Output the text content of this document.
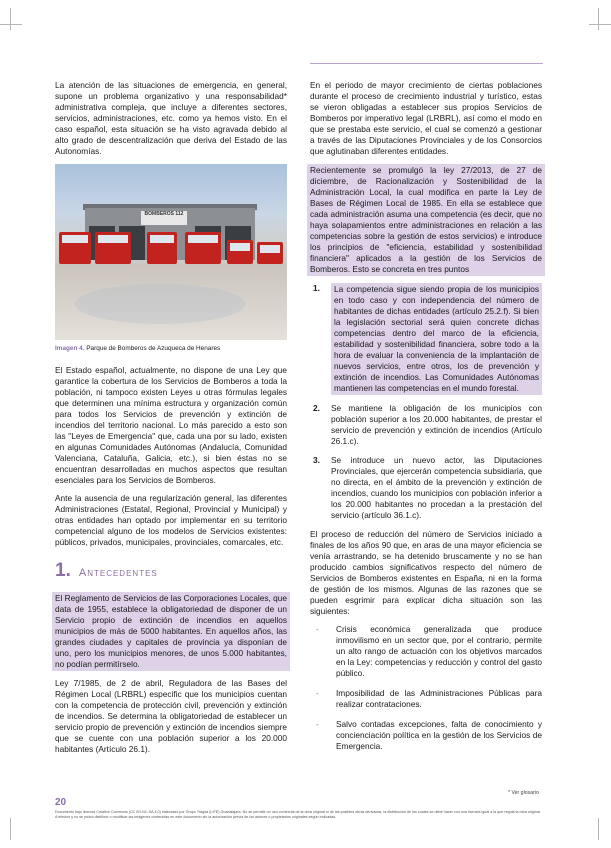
La atención de las situaciones de emergencia, en general, supone un problema organizativo y una responsabilidad* administrativa compleja, que incluye a diferentes sectores, servicios, administraciones, etc. como ya hemos visto. En el caso español, esta situación se ha visto agravada debido al alto grado de descentralización que deriva del Estado de las Autonomías.

BOMBEROS 112
Imagen 4. Parque de Bomberos de Azuqueca de Henares

El Estado español, actualmente, no dispone de una Ley que garantice la cobertura de los Servicios de Bomberos a toda la población, ni tampoco existen Leyes u otras fórmulas legales que determinen una mínima estructura y organización común para todos los Servicios de prevención y extinción de incendios del territorio nacional. Lo más parecido a esto son las "Leyes de Emergencia" que, cada una por su lado, existen en algunas Comunidades Autónomas (Andalucía, Comunidad Valenciana, Cataluña, Galicia, etc.), si bien éstas no se encuentran desarrolladas en muchos aspectos que resultan esenciales para los Servicios de Bomberos.

Ante la ausencia de una regularización general, las diferentes Administraciones (Estatal, Regional, Provincial y Municipal) y otras entidades han optado por implementar en su territorio competencial alguno de los modelos de Servicios existentes: públicos, privados, municipales, provinciales, comarcales, etc.

1. Antecedentes

El Reglamento de Servicios de las Corporaciones Locales, que data de 1955, establece la obligatoriedad de disponer de un Servicio propio de extinción de incendios en aquellos municipios de más de 5000 habitantes. En aquellos años, las grandes ciudades y capitales de provincia ya disponían de uno, pero los municipios menores, de unos 5.000 habitantes, no podían permitírselo.

Ley 7/1985, de 2 de abril, Reguladora de las Bases del Régimen Local (LRBRL) especific que los municipios cuentan con la competencia de protección civil, prevención y extinción de incendios. Se determina la obligatoriedad de establecer un servicio propio de prevención y extinción de incendios siempre que se cuente con una población superior a los 20.000 habitantes (Artículo 26.1).

En el periodo de mayor crecimiento de ciertas poblaciones durante el proceso de crecimiento industrial y turístico, estas se vieron obligadas a establecer sus propios Servicios de Bomberos por imperativo legal (LRBRL), así como el modo en que se prestaba este servicio, el cual se comenzó a gestionar a través de las Diputaciones Provinciales y de los Consorcios que aglutinaban diferentes entidades.

Recientemente se promulgó la ley 27/2013, de 27 de diciembre, de Racionalización y Sostenibilidad de la Administración Local, la cual modifica en parte la Ley de Bases de Régimen Local de 1985. En ella se establece que cada administración asuma una competencia (es decir, que no haya solapamientos entre administraciones en relación a las competencias sobre la gestión de estos servicios) e introduce los principios de "eficiencia, estabilidad y sostenibilidad financiera" aplicados a la gestión de los Servicios de Bomberos. Esto se concreta en tres puntos

1.	La competencia sigue siendo propia de los municipios en todo caso y con independencia del número de habitantes de dichas entidades (artículo 25.2.f). Si bien la legislación sectorial será quien concrete dichas competencias dentro del marco de la eficiencia, estabilidad y sostenibilidad financiera, sobre todo a la hora de evaluar la conveniencia de la implantación de nuevos servicios, entre otros, los de prevención y extinción de incendios. Las Comunidades Autónomas mantienen las competencias en el mundo forestal.

2.	Se mantiene la obligación de los municipios con población superior a los 20.000 habitantes, de prestar el servicio de prevención y extinción de incendios (Artículo 26.1.c).

3.	Se introduce un nuevo actor, las Diputaciones Provinciales, que ejercerán competencia subsidiaria, que no directa, en el ámbito de la prevención y extinción de incendios, cuando los municipios con población inferior a los 20.000 habitantes no procedan a la prestación del servicio (artículo 36.1.c).

El proceso de reducción del número de Servicios iniciado a finales de los años 90 que, en aras de una mayor eficiencia se venía arrastrando, se ha detenido bruscamente y no se han producido cambios significativos respecto del número de Servicios de Bomberos existentes en España, ni en la forma de gestión de los mismos. Algunas de las razones que se pueden esgrimir para explicar dicha situación son las siguientes:

-	Crisis económica generalizada que produce inmovilismo en un sector que, por el contrario, permite un alto rango de actuación con los objetivos marcados en la Ley: competencias y reducción y control del gasto público.

-	Imposibilidad de las Administraciones Públicas para realizar contrataciones.

-	Salvo contadas excepciones, falta de conocimiento y concienciación política en la gestión de los Servicios de Emergencia.

* Ver glosario
20
Documento bajo licencia Creative Commons (CC BY-NC-SA 4.0) elaborado por Grupo Tragsa (LIFE) Guadalajara. No se permite un uso comercial de la obra original ni de las posibles obras derivadas, la distribución de las cuales se debe hacer con una licencia igual a la que regula la obra original. A efectos y no se podrá distribuir o modificar las imágenes contenidas en este documento sin la autorización previa de los autores o propietarios originales según indicadas.
